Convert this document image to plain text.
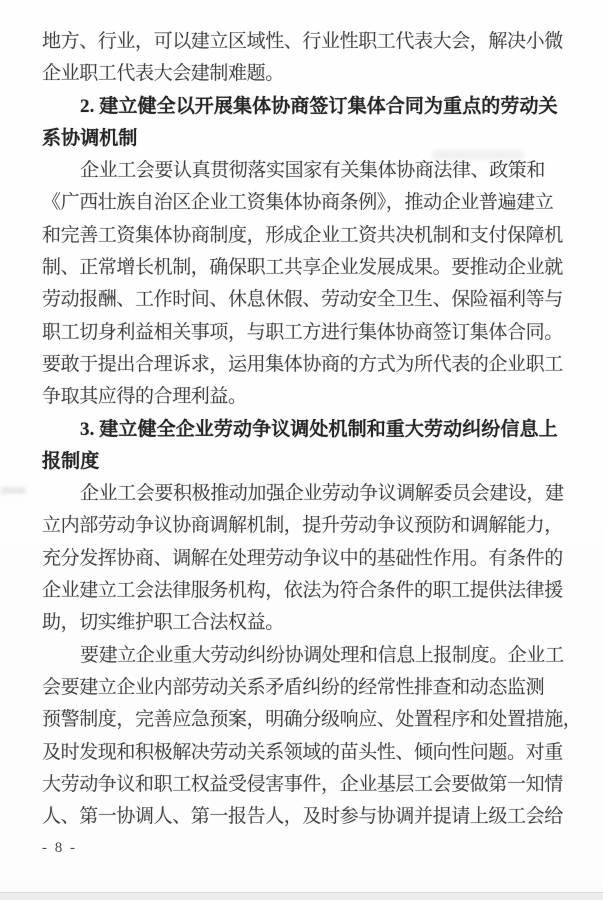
地方、行业，可以建立区域性、行业性职工代表大会，解决小微
企业职工代表大会建制难题。
2. 建立健全以开展集体协商签订集体合同为重点的劳动关
系协调机制
企业工会要认真贯彻落实国家有关集体协商法律、政策和
《广西壮族自治区企业工资集体协商条例》，推动企业普遍建立
和完善工资集体协商制度，形成企业工资共决机制和支付保障机
制、正常增长机制，确保职工共享企业发展成果。要推动企业就
劳动报酬、工作时间、休息休假、劳动安全卫生、保险福利等与
职工切身利益相关事项，与职工方进行集体协商签订集体合同。
要敢于提出合理诉求，运用集体协商的方式为所代表的企业职工
争取其应得的合理利益。
3. 建立健全企业劳动争议调处机制和重大劳动纠纷信息上
报制度
企业工会要积极推动加强企业劳动争议调解委员会建设，建
立内部劳动争议协商调解机制，提升劳动争议预防和调解能力，
充分发挥协商、调解在处理劳动争议中的基础性作用。有条件的
企业建立工会法律服务机构，依法为符合条件的职工提供法律援
助，切实维护职工合法权益。
要建立企业重大劳动纠纷协调处理和信息上报制度。企业工
会要建立企业内部劳动关系矛盾纠纷的经常性排查和动态监测
预警制度，完善应急预案，明确分级响应、处置程序和处置措施，
及时发现和积极解决劳动关系领域的苗头性、倾向性问题。对重
大劳动争议和职工权益受侵害事件，企业基层工会要做第一知情
人、第一协调人、第一报告人，及时参与协调并提请上级工会给
- 8 -
